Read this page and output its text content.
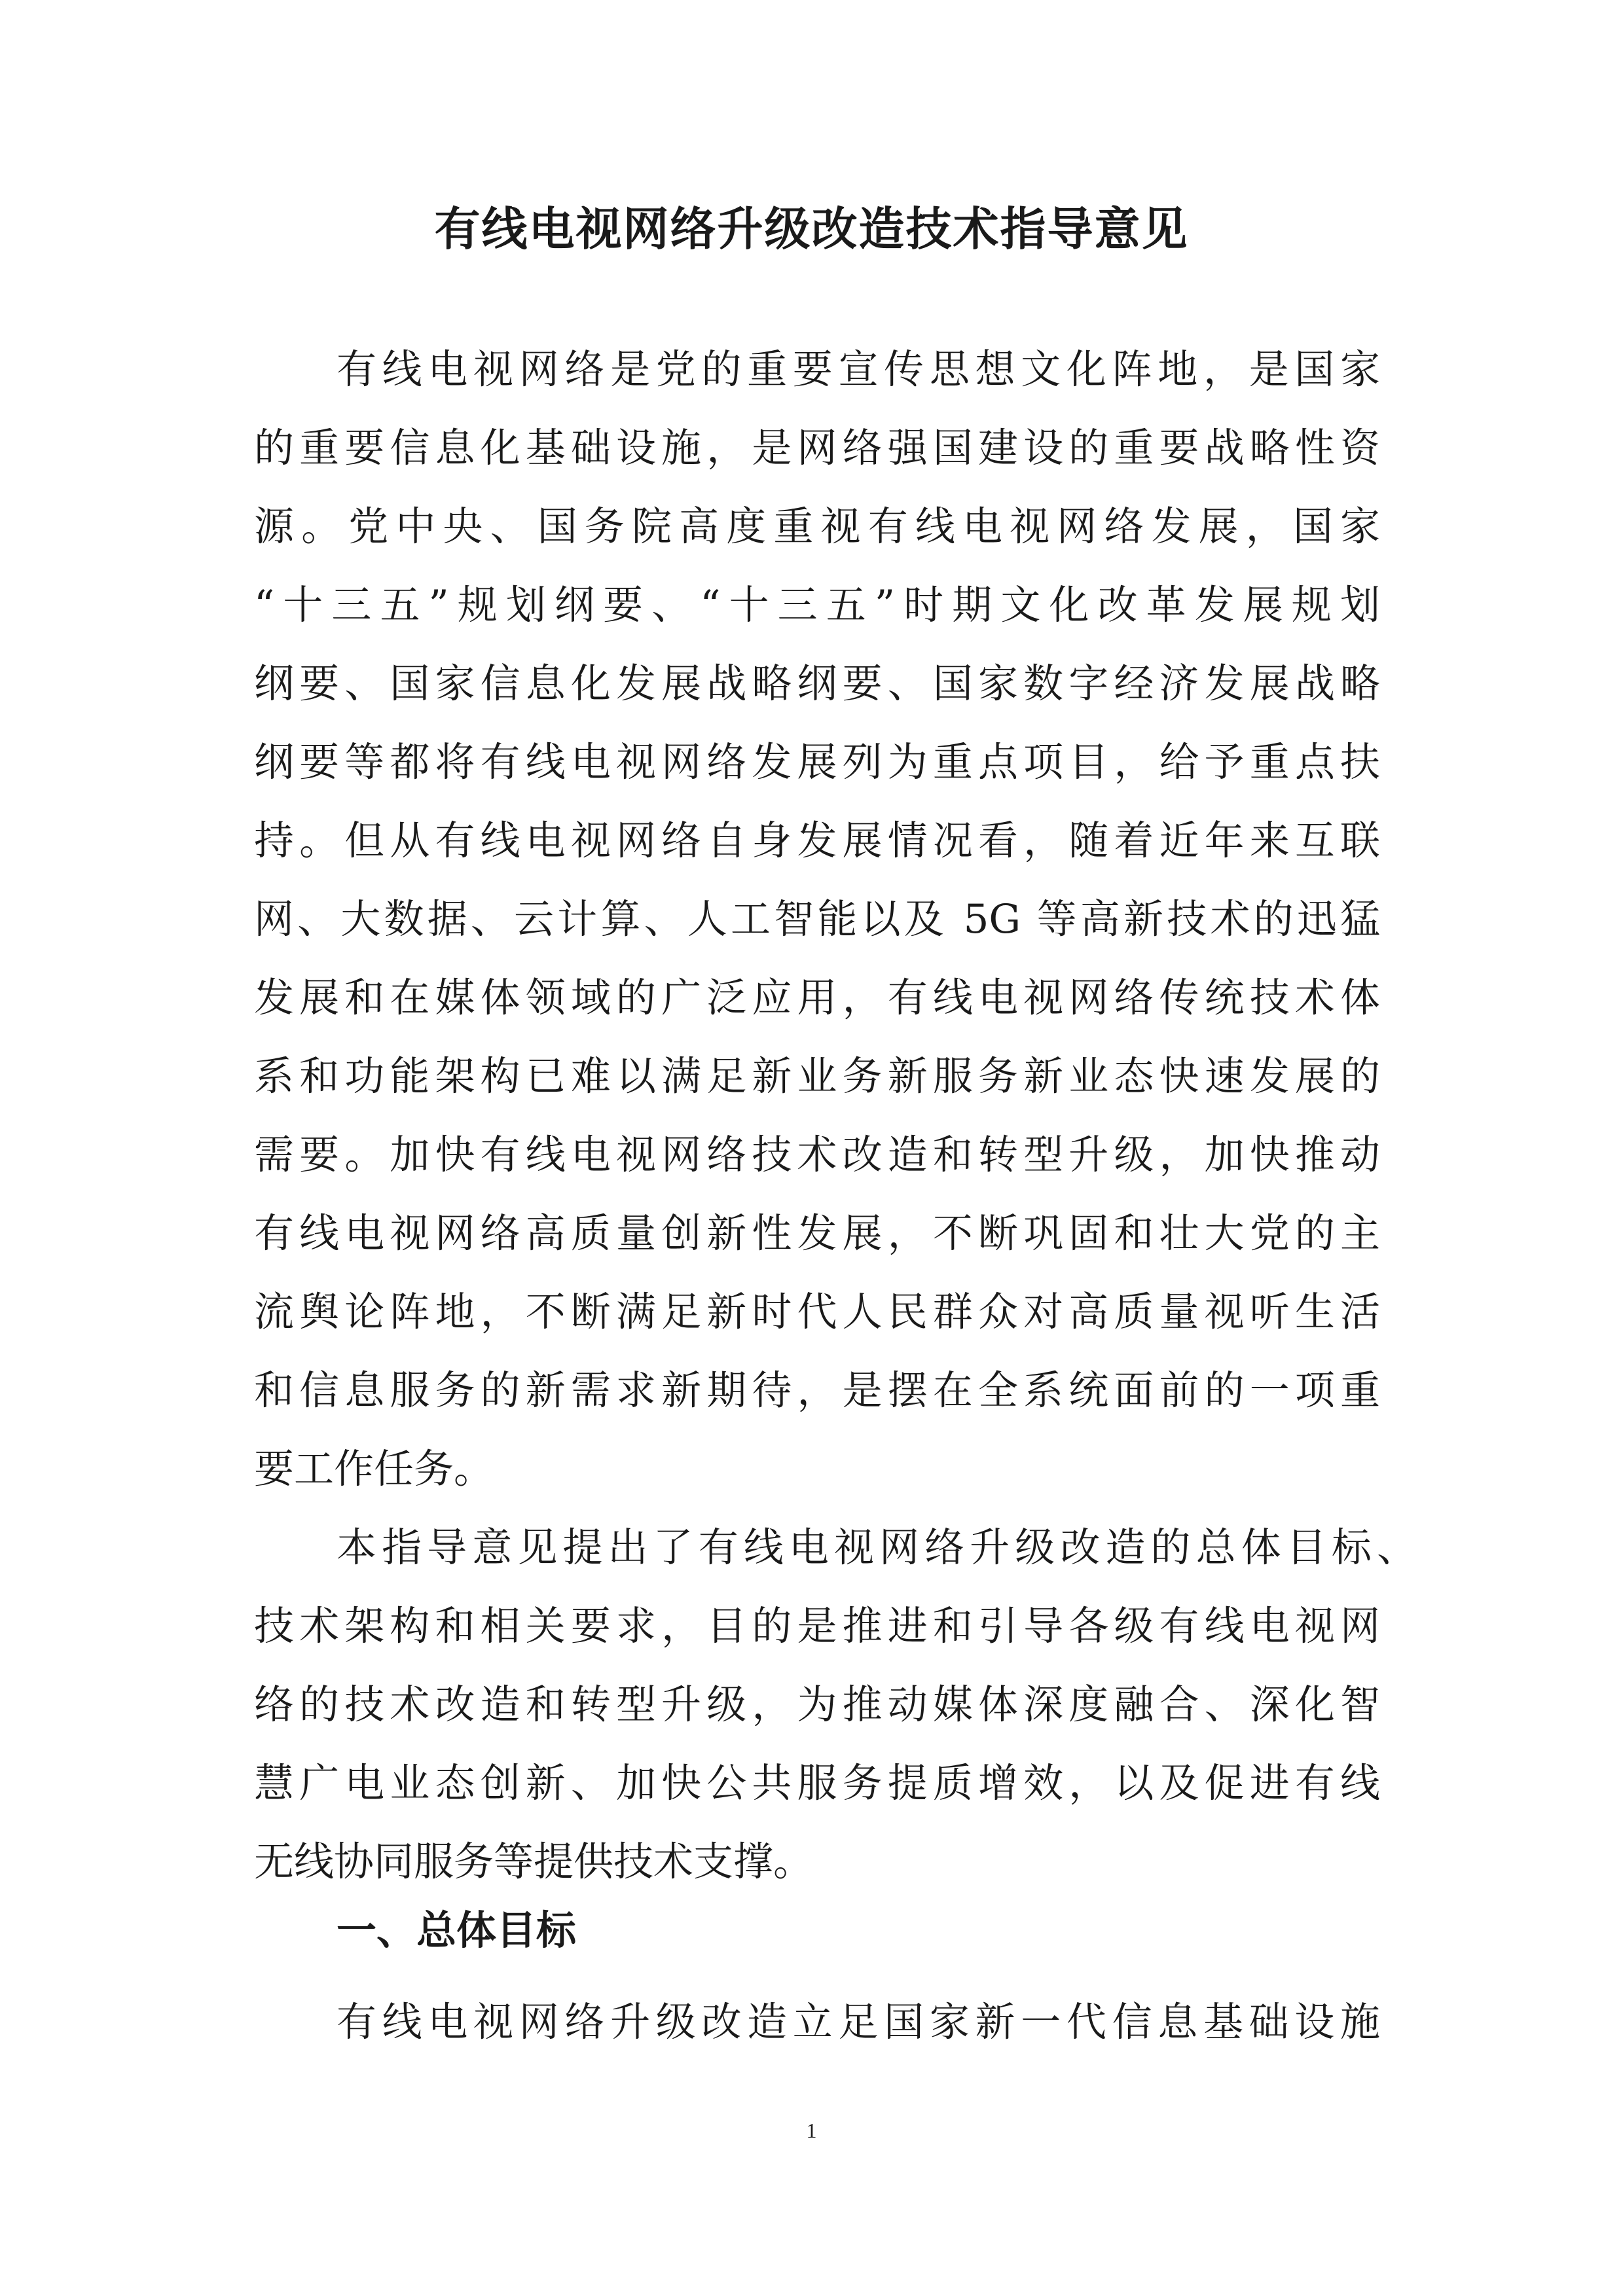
有线电视网络升级改造技术指导意见

有线电视网络是党的重要宣传思想文化阵地，是国家

的重要信息化基础设施，是网络强国建设的重要战略性资

源。党中央、国务院高度重视有线电视网络发展，国家

“十三五”规划纲要、“十三五”时期文化改革发展规划

纲要、国家信息化发展战略纲要、国家数字经济发展战略

纲要等都将有线电视网络发展列为重点项目，给予重点扶

持。但从有线电视网络自身发展情况看，随着近年来互联

网、大数据、云计算、人工智能以及 5G 等高新技术的迅猛

发展和在媒体领域的广泛应用，有线电视网络传统技术体

系和功能架构已难以满足新业务新服务新业态快速发展的

需要。加快有线电视网络技术改造和转型升级，加快推动

有线电视网络高质量创新性发展，不断巩固和壮大党的主

流舆论阵地，不断满足新时代人民群众对高质量视听生活

和信息服务的新需求新期待，是摆在全系统面前的一项重

要工作任务。

本指导意见提出了有线电视网络升级改造的总体目标、

技术架构和相关要求，目的是推进和引导各级有线电视网

络的技术改造和转型升级，为推动媒体深度融合、深化智

慧广电业态创新、加快公共服务提质增效，以及促进有线

无线协同服务等提供技术支撑。

一、总体目标

有线电视网络升级改造立足国家新一代信息基础设施

1
